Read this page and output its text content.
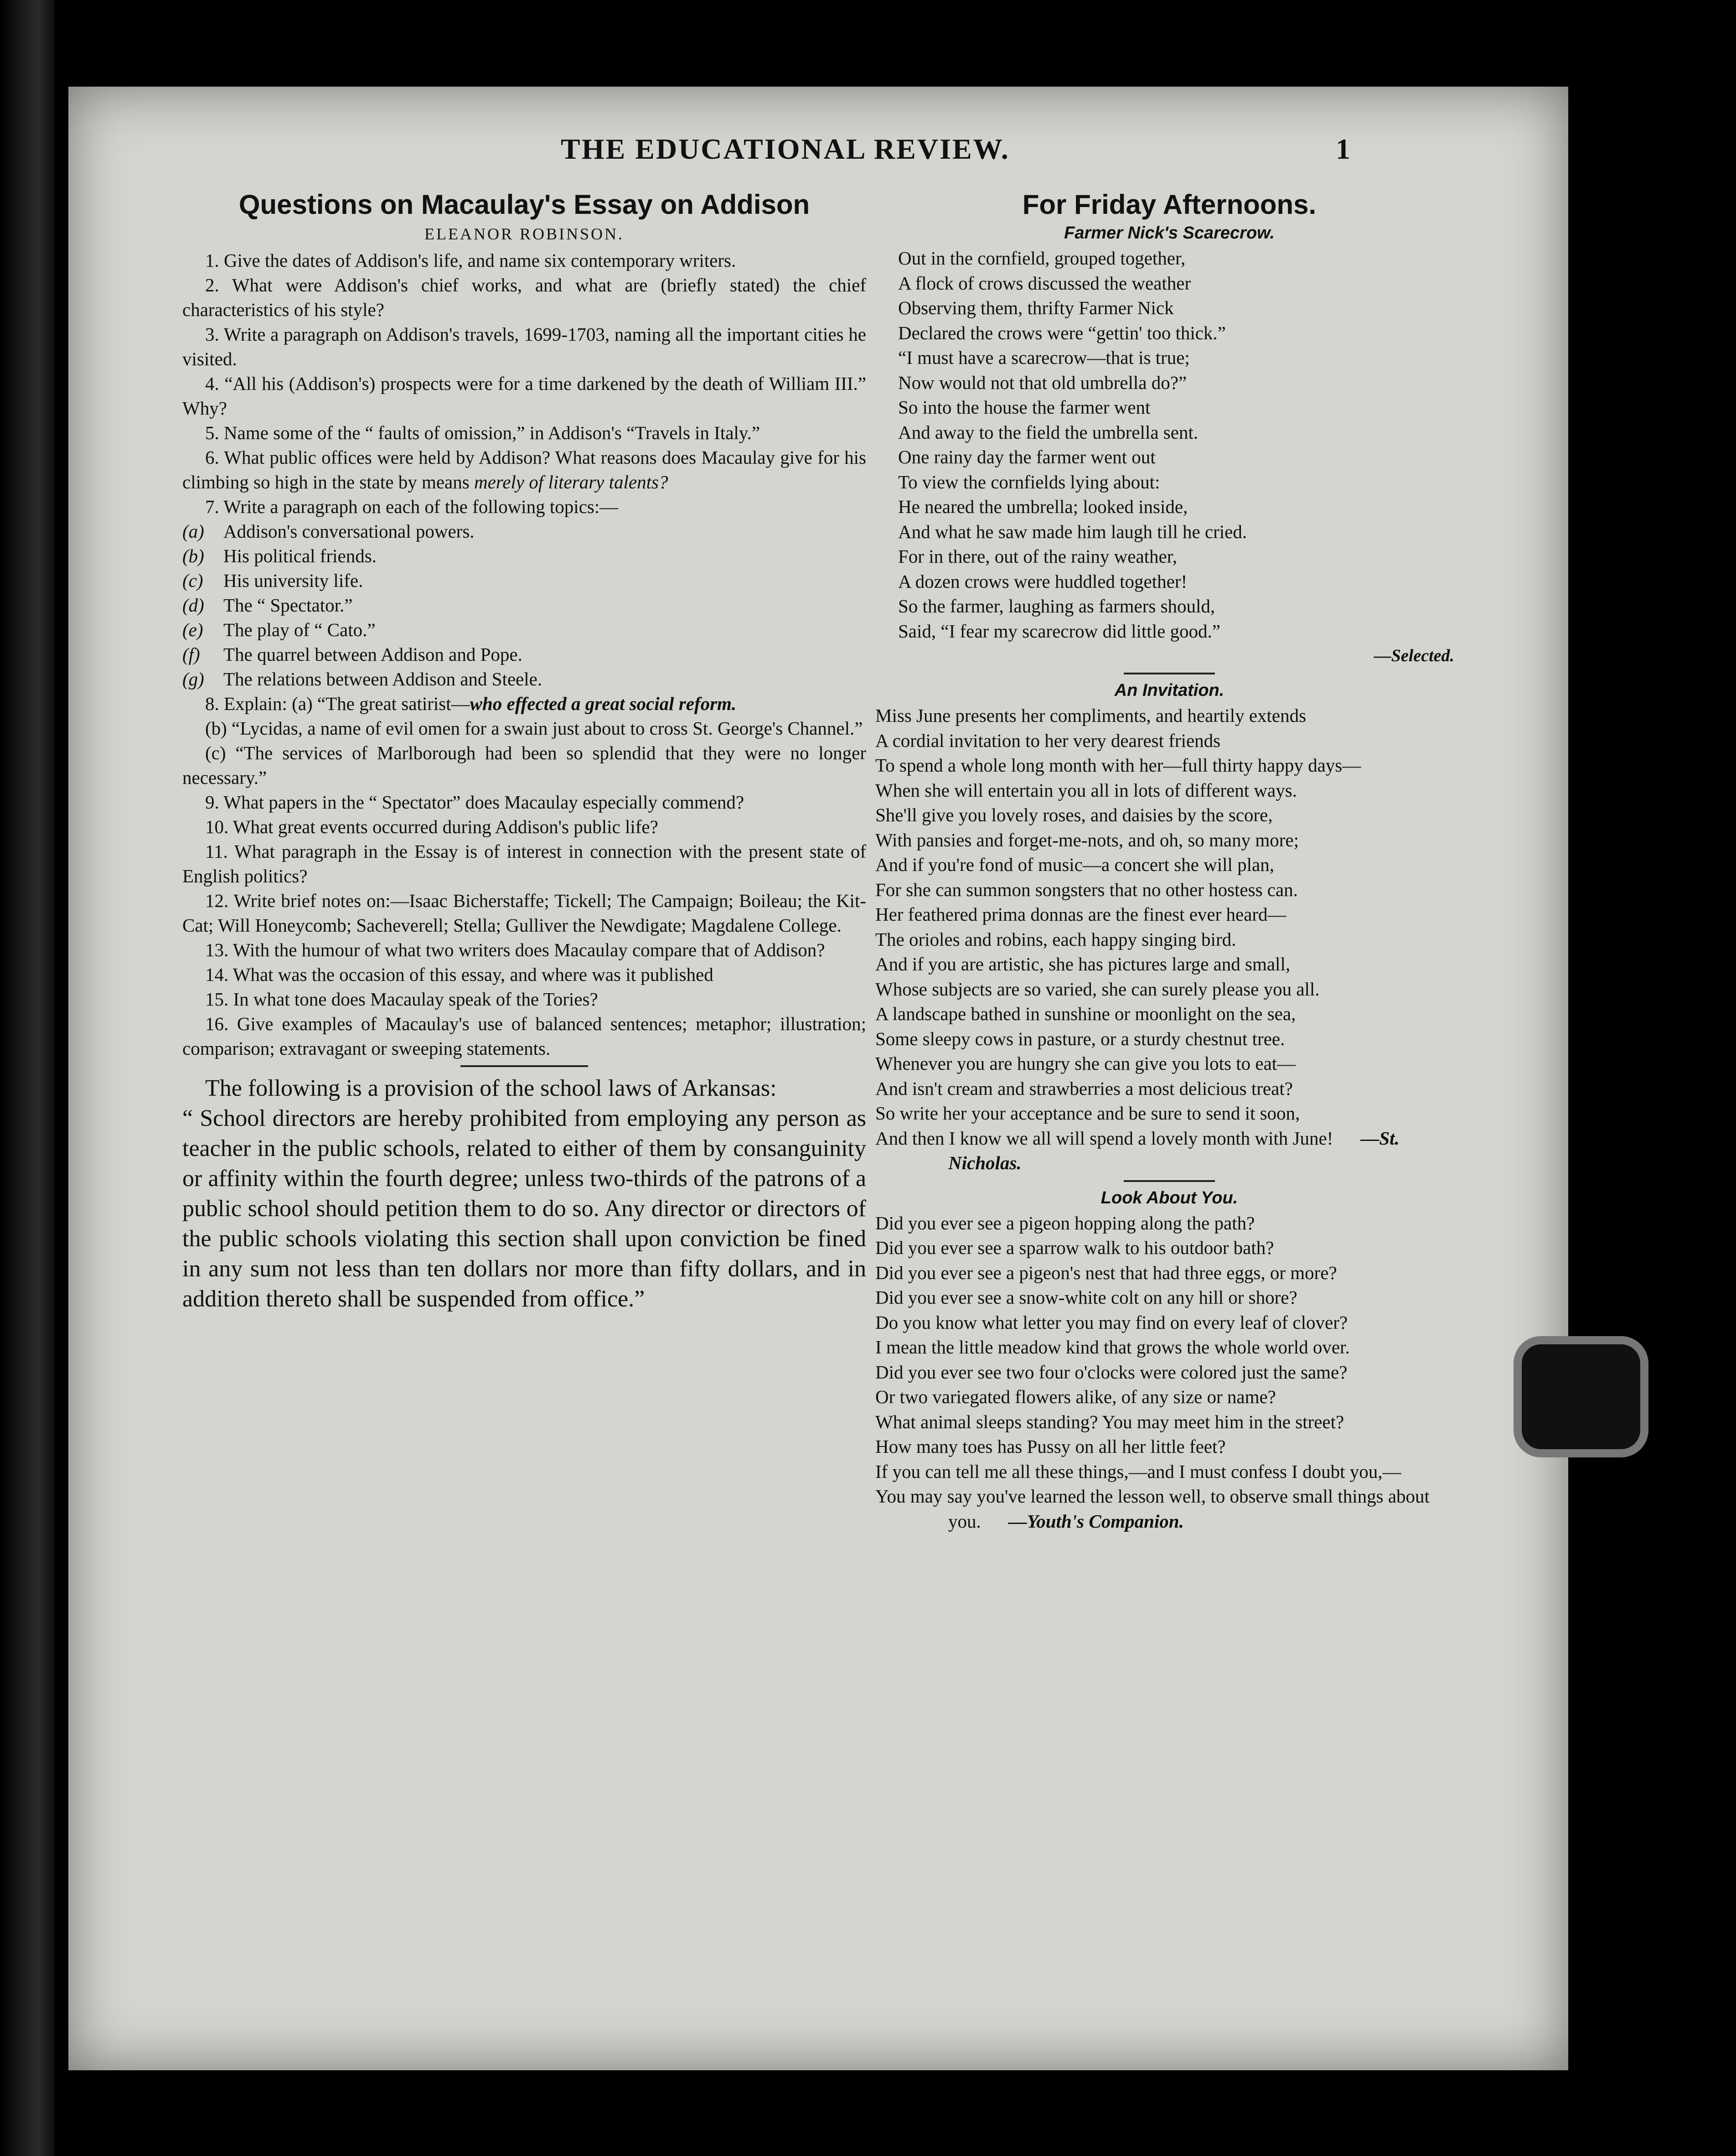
THE EDUCATIONAL REVIEW.	1
Questions on Macaulay's Essay on Addison
ELEANOR ROBINSON.

1. Give the dates of Addison's life, and name six contemporary writers.

2. What were Addison's chief works, and what are (briefly stated) the chief characteristics of his style?

3. Write a paragraph on Addison's travels, 1699-1703, naming all the important cities he visited.

4. “All his (Addison's) prospects were for a time darkened by the death of William III.” Why?

5. Name some of the “ faults of omission,” in Addison's “Travels in Italy.”

6. What public offices were held by Addison? What reasons does Macaulay give for his climbing so high in the state by means merely of literary talents?

7. Write a paragraph on each of the following topics:—

(a) Addison's conversational powers.

(b) His political friends.

(c) His university life.

(d) The “ Spectator.”

(e) The play of “ Cato.”

(f) The quarrel between Addison and Pope.

(g) The relations between Addison and Steele.

8. Explain: (a) “The great satirist—who effected a great social reform.

(b) “Lycidas, a name of evil omen for a swain just about to cross St. George's Channel.”

(c) “The services of Marlborough had been so splendid that they were no longer necessary.”

9. What papers in the “ Spectator” does Macaulay especially commend?

10. What great events occurred during Addison's public life?

11. What paragraph in the Essay is of interest in connection with the present state of English politics?

12. Write brief notes on:—Isaac Bicherstaffe; Tickell; The Campaign; Boileau; the Kit-Cat; Will Honeycomb; Sacheverell; Stella; Gulliver the Newdigate; Magdalene College.

13. With the humour of what two writers does Macaulay compare that of Addison?

14. What was the occasion of this essay, and where was it published

15. In what tone does Macaulay speak of the Tories?

16. Give examples of Macaulay's use of balanced sentences; metaphor; illustration; comparison; extravagant or sweeping statements.

The following is a provision of the school laws of Arkansas:

“ School directors are hereby prohibited from employing any person as teacher in the public schools, related to either of them by consanguinity or affinity within the fourth degree; unless two-thirds of the patrons of a public school should petition them to do so. Any director or directors of the public schools violating this section shall upon conviction be fined in any sum not less than ten dollars nor more than fifty dollars, and in addition thereto shall be suspended from office.”

For Friday Afternoons.
Farmer Nick's Scarecrow.

Out in the cornfield, grouped together,

A flock of crows discussed the weather

Observing them, thrifty Farmer Nick

Declared the crows were “gettin' too thick.”

“I must have a scarecrow—that is true;

Now would not that old umbrella do?”

So into the house the farmer went

And away to the field the umbrella sent.

One rainy day the farmer went out

To view the cornfields lying about:

He neared the umbrella; looked inside,

And what he saw made him laugh till he cried.

For in there, out of the rainy weather,

A dozen crows were huddled together!

So the farmer, laughing as farmers should,

Said, “I fear my scarecrow did little good.”

—Selected.

An Invitation.

Miss June presents her compliments, and heartily extends

A cordial invitation to her very dearest friends

To spend a whole long month with her—full thirty happy days—

When she will entertain you all in lots of different ways.

She'll give you lovely roses, and daisies by the score,

With pansies and forget-me-nots, and oh, so many more;

And if you're fond of music—a concert she will plan,

For she can summon songsters that no other hostess can.

Her feathered prima donnas are the finest ever heard—

The orioles and robins, each happy singing bird.

And if you are artistic, she has pictures large and small,

Whose subjects are so varied, she can surely please you all.

A landscape bathed in sunshine or moonlight on the sea,

Some sleepy cows in pasture, or a sturdy chestnut tree.

Whenever you are hungry she can give you lots to eat—

And isn't cream and strawberries a most delicious treat?

So write her your acceptance and be sure to send it soon,

And then I know we all will spend a lovely month with June! —St. Nicholas.

Look About You.

Did you ever see a pigeon hopping along the path?

Did you ever see a sparrow walk to his outdoor bath?

Did you ever see a pigeon's nest that had three eggs, or more?

Did you ever see a snow-white colt on any hill or shore?

Do you know what letter you may find on every leaf of clover?

I mean the little meadow kind that grows the whole world over.

Did you ever see two four o'clocks were colored just the same?

Or two variegated flowers alike, of any size or name?

What animal sleeps standing? You may meet him in the street?

How many toes has Pussy on all her little feet?

If you can tell me all these things,—and I must confess I doubt you,—

You may say you've learned the lesson well, to observe small things about you. —Youth's Companion.
